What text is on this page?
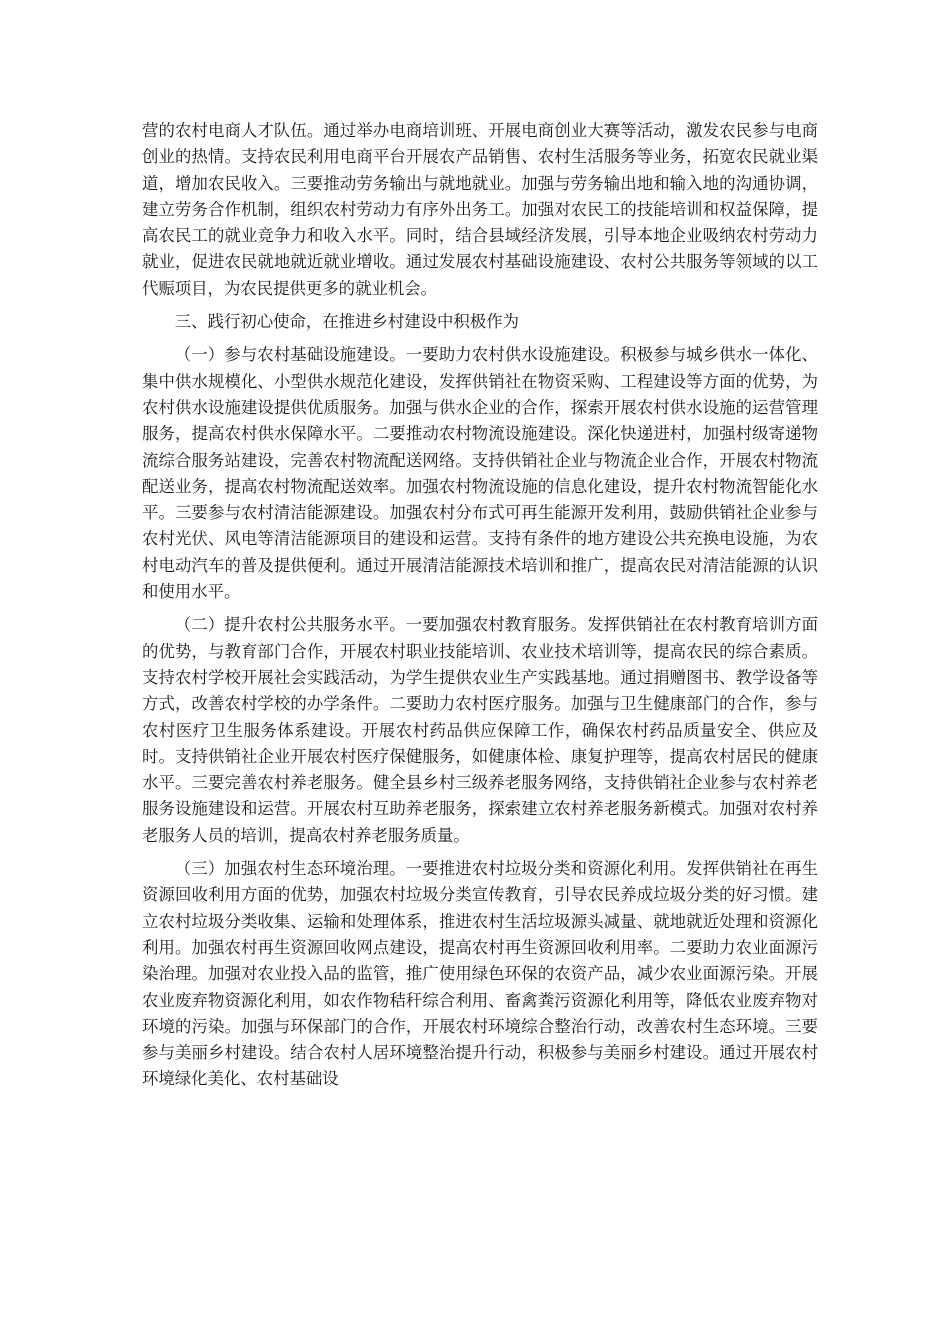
营的农村电商人才队伍。通过举办电商培训班、开展电商创业大赛等活动，激发农民参与电商创业的热情。支持农民利用电商平台开展农产品销售、农村生活服务等业务，拓宽农民就业渠道，增加农民收入。三要推动劳务输出与就地就业。加强与劳务输出地和输入地的沟通协调，建立劳务合作机制，组织农村劳动力有序外出务工。加强对农民工的技能培训和权益保障，提高农民工的就业竞争力和收入水平。同时，结合县域经济发展，引导本地企业吸纳农村劳动力就业，促进农民就地就近就业增收。通过发展农村基础设施建设、农村公共服务等领域的以工代赈项目，为农民提供更多的就业机会。

三、践行初心使命，在推进乡村建设中积极作为

（一）参与农村基础设施建设。一要助力农村供水设施建设。积极参与城乡供水一体化、集中供水规模化、小型供水规范化建设，发挥供销社在物资采购、工程建设等方面的优势，为农村供水设施建设提供优质服务。加强与供水企业的合作，探索开展农村供水设施的运营管理服务，提高农村供水保障水平。二要推动农村物流设施建设。深化快递进村，加强村级寄递物流综合服务站建设，完善农村物流配送网络。支持供销社企业与物流企业合作，开展农村物流配送业务，提高农村物流配送效率。加强农村物流设施的信息化建设，提升农村物流智能化水平。三要参与农村清洁能源建设。加强农村分布式可再生能源开发利用，鼓励供销社企业参与农村光伏、风电等清洁能源项目的建设和运营。支持有条件的地方建设公共充换电设施，为农村电动汽车的普及提供便利。通过开展清洁能源技术培训和推广，提高农民对清洁能源的认识和使用水平。

（二）提升农村公共服务水平。一要加强农村教育服务。发挥供销社在农村教育培训方面的优势，与教育部门合作，开展农村职业技能培训、农业技术培训等，提高农民的综合素质。支持农村学校开展社会实践活动，为学生提供农业生产实践基地。通过捐赠图书、教学设备等方式，改善农村学校的办学条件。二要助力农村医疗服务。加强与卫生健康部门的合作，参与农村医疗卫生服务体系建设。开展农村药品供应保障工作，确保农村药品质量安全、供应及时。支持供销社企业开展农村医疗保健服务，如健康体检、康复护理等，提高农村居民的健康水平。三要完善农村养老服务。健全县乡村三级养老服务网络，支持供销社企业参与农村养老服务设施建设和运营。开展农村互助养老服务，探索建立农村养老服务新模式。加强对农村养老服务人员的培训，提高农村养老服务质量。

（三）加强农村生态环境治理。一要推进农村垃圾分类和资源化利用。发挥供销社在再生资源回收利用方面的优势，加强农村垃圾分类宣传教育，引导农民养成垃圾分类的好习惯。建立农村垃圾分类收集、运输和处理体系，推进农村生活垃圾源头减量、就地就近处理和资源化利用。加强农村再生资源回收网点建设，提高农村再生资源回收利用率。二要助力农业面源污染治理。加强对农业投入品的监管，推广使用绿色环保的农资产品，减少农业面源污染。开展农业废弃物资源化利用，如农作物秸秆综合利用、畜禽粪污资源化利用等，降低农业废弃物对环境的污染。加强与环保部门的合作，开展农村环境综合整治行动，改善农村生态环境。三要参与美丽乡村建设。结合农村人居环境整治提升行动，积极参与美丽乡村建设。通过开展农村环境绿化美化、农村基础设
